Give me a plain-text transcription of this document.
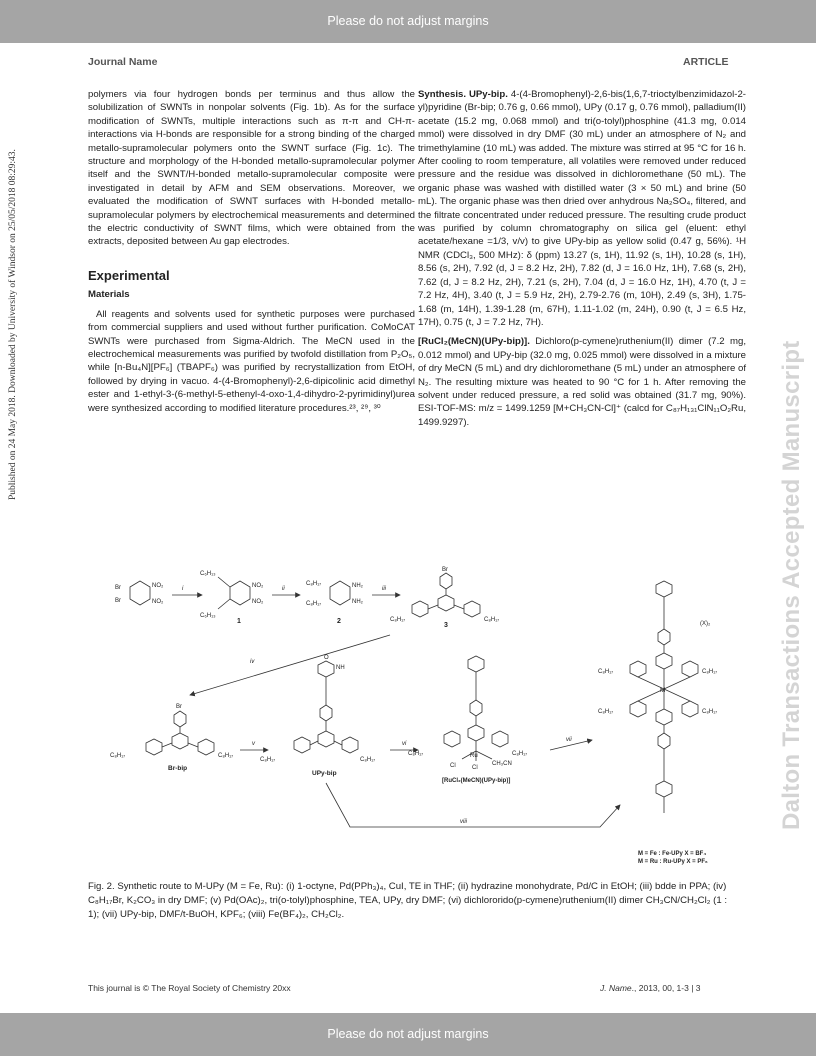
Please do not adjust margins
Journal Name	ARTICLE
Published on 24 May 2018. Downloaded by University of Windsor on 25/05/2018 08:29:43.
Dalton Transactions Accepted Manuscript

polymers via four hydrogen bonds per terminus and thus allow the solubilization of SWNTs in nonpolar solvents (Fig. 1b). As for the surface modification of SWNTs, multiple interactions such as π-π and CH-π-interactions via H-bonds are responsible for a strong binding of the charged metallo-supramolecular polymers onto the SWNT surface (Fig. 1c). The structure and morphology of the H-bonded metallo-supramolecular polymer itself and the SWNT/H-bonded metallo-supramolecular composite were investigated in detail by AFM and SEM observations. Moreover, we evaluated the modification of SWNT surfaces with H-bonded metallo-supramolecular polymers by electrochemical measurements and determined the electric conductivity of SWNT films, which were obtained from the extracts, deposited between Au gap electrodes.

Experimental
Materials

All reagents and solvents used for synthetic purposes were purchased from commercial suppliers and used without further purification. CoMoCAT SWNTs were purchased from Sigma-Aldrich. The MeCN used in the electrochemical measurements was purified by twofold distillation from P₂O₅, while [n-Bu₄N][PF₆] (TBAPF₆) was purified by recrystallization from EtOH, followed by drying in vacuo. 4-(4-Bromophenyl)-2,6-dipicolinic acid dimethyl ester and 1-ethyl-3-(6-methyl-5-ethenyl-4-oxo-1,4-dihydro-2-pyrimidinyl)urea were synthesized according to modified literature procedures.²³, ²⁹, ³⁰

Synthesis. UPy-bip. 4-(4-Bromophenyl)-2,6-bis(1,6,7-trioctylbenzimidazol-2-yl)pyridine (Br-bip; 0.76 g, 0.66 mmol), UPy (0.17 g, 0.76 mmol), palladium(II) acetate (15.2 mg, 0.068 mmol) and tri(o-tolyl)phosphine (41.3 mg, 0.014 mmol) were dissolved in dry DMF (30 mL) under an atmosphere of N₂ and trimethylamine (10 mL) was added. The mixture was stirred at 95 °C for 16 h. After cooling to room temperature, all volatiles were removed under reduced pressure and the residue was dissolved in dichloromethane (50 mL). The organic phase was washed with distilled water (3 × 50 mL) and brine (50 mL). The organic phase was then dried over anhydrous Na₂SO₄, filtered, and the filtrate concentrated under reduced pressure. The resulting crude product was purified by column chromatography on silica gel (eluent: ethyl acetate/hexane =1/3, v/v) to give UPy-bip as yellow solid (0.47 g, 56%). ¹H NMR (CDCl₃, 500 MHz): δ (ppm) 13.27 (s, 1H), 11.92 (s, 1H), 10.28 (s, 1H), 8.56 (s, 2H), 7.92 (d, J = 8.2 Hz, 2H), 7.82 (d, J = 16.0 Hz, 1H), 7.68 (s, 2H), 7.62 (d, J = 8.2 Hz, 2H), 7.21 (s, 2H), 7.04 (d, J = 16.0 Hz, 1H), 4.70 (t, J = 7.2 Hz, 4H), 3.40 (t, J = 5.9 Hz, 2H), 2.79-2.76 (m, 10H), 2.49 (s, 3H), 1.75-1.68 (m, 14H), 1.39-1.28 (m, 67H), 1.11-1.02 (m, 24H), 0.90 (t, J = 6.5 Hz, 17H), 0.75 (t, J = 7.2 Hz, 7H).

[RuCl₂(MeCN)(UPy-bip)]. Dichloro(p-cymene)ruthenium(II) dimer (7.2 mg, 0.012 mmol) and UPy-bip (32.0 mg, 0.025 mmol) were dissolved in a mixture of dry MeCN (5 mL) and dry dichloromethane (5 mL) under an atmosphere of N₂. The resulting mixture was heated to 90 °C for 1 h. After removing the solvent under reduced pressure, a red solid was obtained (31.7 mg, 90%). ESI-TOF-MS: m/z = 1499.1259 [M+CH₃CN-Cl]⁺ (calcd for C₈₇H₁₃₁ClN₁₁O₂Ru, 1499.9297).

Br
Br
NO₂
NO₂
i
C₆H₁₃
C₆H₁₃
NO₂
NO₂
1
ii
C₈H₁₇
C₈H₁₇
NH₂
NH₂
2
iii
Br
C₈H₁₇	C₈H₁₇
3
iv
Br
C₈H₁₇	C₈H₁₇
Br-bip
v
O
NH
C₈H₁₇	C₈H₁₇
UPy-bip
vi
Ru
Cl	Cl
CH₃CN
C₈H₁₇	C₈H₁₇
[RuCl₂(MeCN)(UPy-bip)]
vii
viii
M
(X)₂
C₈H₁₇	C₈H₁₇
C₈H₁₇	C₈H₁₇
M = Fe : Fe-UPy X = BF₄
M = Ru : Ru-UPy X = PF₆
Fig. 2. Synthetic route to M-UPy (M = Fe, Ru): (i) 1-octyne, Pd(PPh₃)₄, CuI, TE in THF; (ii) hydrazine monohydrate, Pd/C in EtOH; (iii) bdde in PPA; (iv) C₈H₁₇Br, K₂CO₃ in dry DMF; (v) Pd(OAc)₂, tri(o-tolyl)phosphine, TEA, UPy, dry DMF; (vi) dichlororido(p-cymene)ruthenium(II) dimer CH₃CN/CH₂Cl₂ (1 : 1); (vii) UPy-bip, DMF/t-BuOH, KPF₆; (viii) Fe(BF₄)₂, CH₂Cl₂.
This journal is © The Royal Society of Chemistry 20xx	J. Name., 2013, 00, 1-3 | 3
Please do not adjust margins
